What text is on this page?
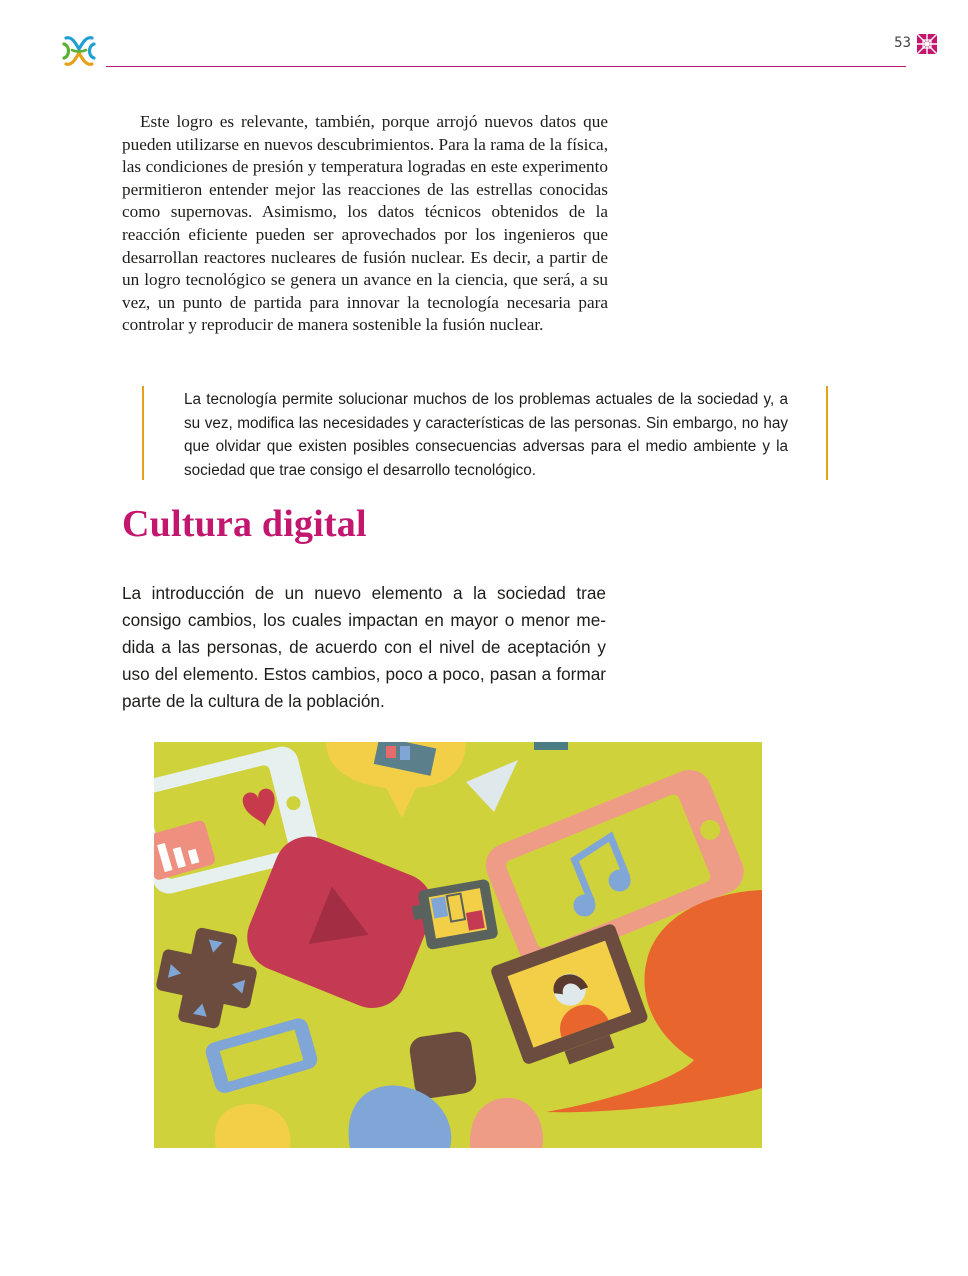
53

Este logro es relevante, también, porque arrojó nuevos datos que pueden utilizarse en nuevos descubrimientos. Para la rama de la física, las condiciones de presión y temperatura logradas en este experimento permitieron entender mejor las reacciones de las estrellas conocidas como supernovas. Asimismo, los datos técnicos obtenidos de la reacción eficiente pueden ser aprovechados por los ingenieros que desarrollan reactores nucleares de fusión nuclear. Es decir, a partir de un logro tecnológico se genera un avance en la ciencia, que será, a su vez, un punto de partida para innovar la tecnología necesaria para controlar y reproducir de manera sostenible la fusión nuclear.

La tecnología permite solucionar muchos de los problemas actuales de la sociedad y, a su vez, modifica las necesidades y características de las personas. Sin embargo, no hay que olvidar que existen posibles consecuencias adversas para el medio ambiente y la sociedad que trae consigo el desarrollo tecnológico.

Cultura digital

La introducción de un nuevo elemento a la sociedad trae consigo cambios, los cuales impactan en mayor o menor medida a las personas, de acuerdo con el nivel de aceptación y uso del elemento. Estos cambios, poco a poco, pasan a formar parte de la cultura de la población.
